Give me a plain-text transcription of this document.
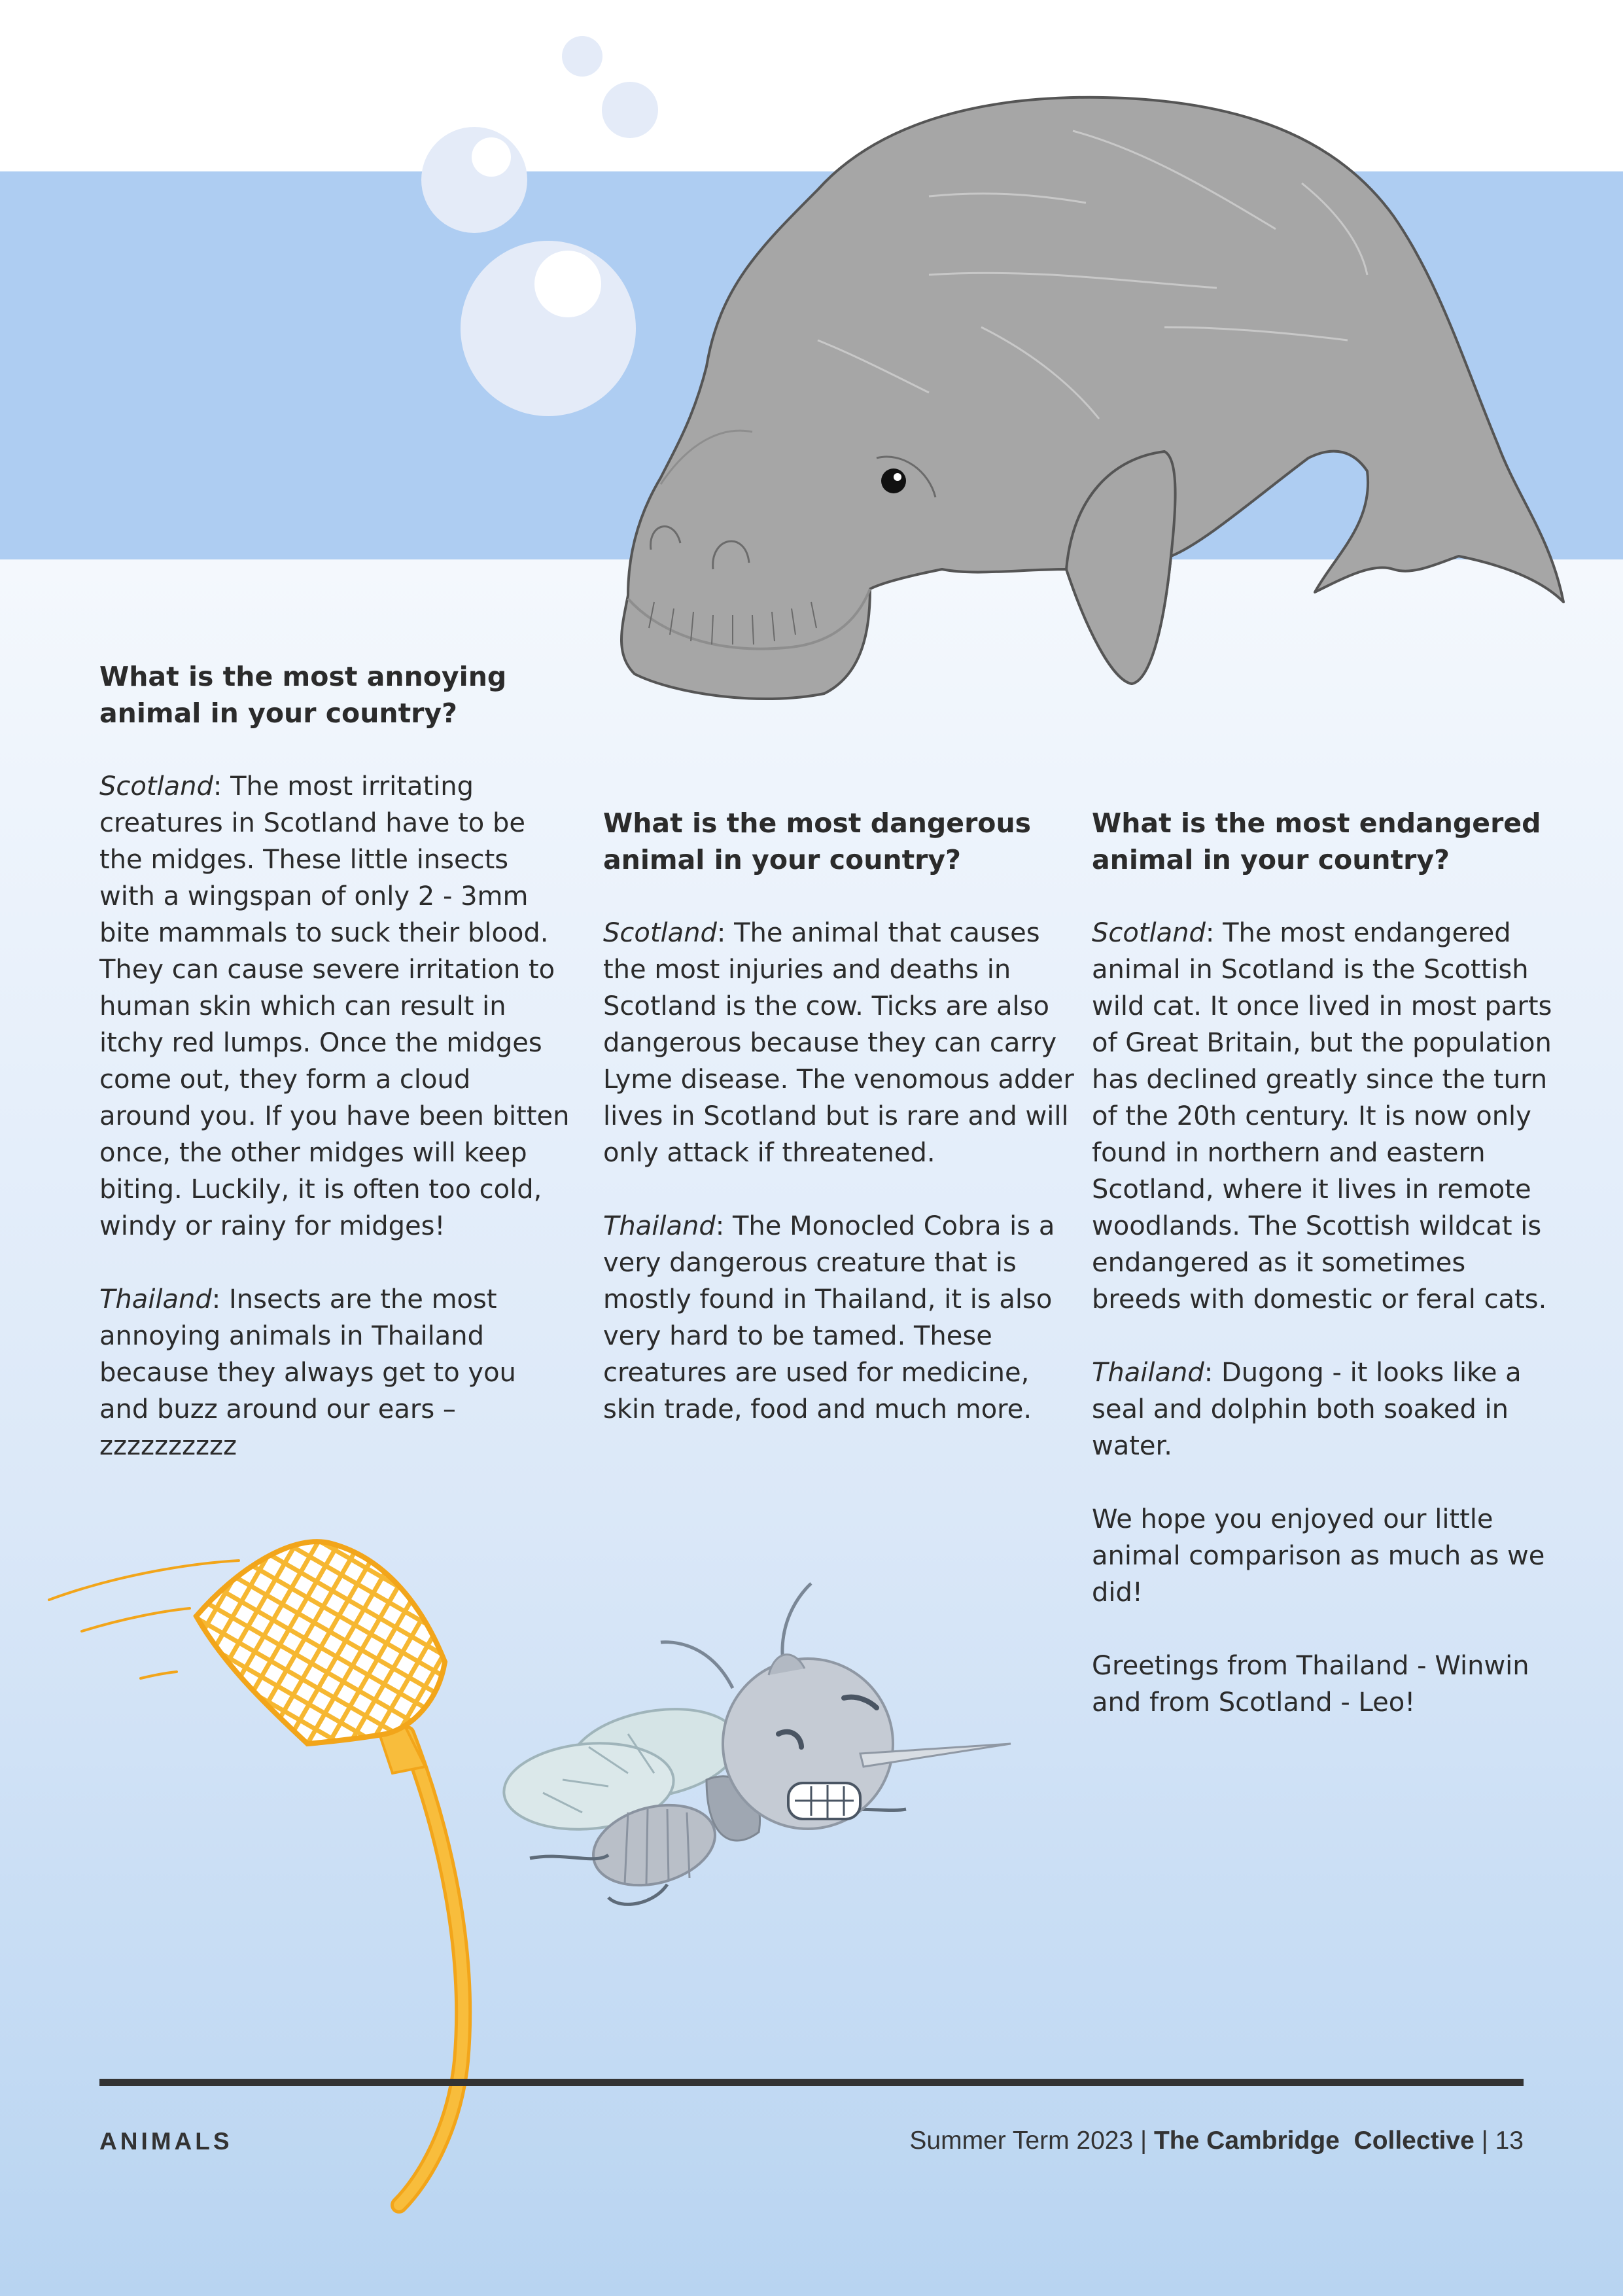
What is the most annoying animal in your country?

Scotland: The most irritating creatures in Scotland have to be the midges. These little insects with a wingspan of only 2 - 3mm bite mammals to suck their blood. They can cause severe irritation to human skin which can result in itchy red lumps. Once the midges come out, they form a cloud around you. If you have been bitten once, the other midges will keep biting. Luckily, it is often too cold, windy or rainy for midges!

Thailand: Insects are the most annoying animals in Thailand because they always get to you and buzz around our ears – zzzzzzzzzz

What is the most dangerous animal in your country?

Scotland: The animal that causes the most injuries and deaths in Scotland is the cow. Ticks are also dangerous because they can carry Lyme disease. The venomous adder lives in Scotland but is rare and will only attack if threatened.

Thailand: The Monocled Cobra is a very dangerous creature that is mostly found in Thailand, it is also very hard to be tamed. These creatures are used for medicine, skin trade, food and much more.

What is the most endangered animal in your country?

Scotland: The most endangered animal in Scotland is the Scottish wild cat. It once lived in most parts of Great Britain, but the population has declined greatly since the turn of the 20th century. It is now only found in northern and eastern Scotland, where it lives in remote woodlands. The Scottish wildcat is endangered as it sometimes breeds with domestic or feral cats.

Thailand: Dugong - it looks like a seal and dolphin both soaked in water.

We hope you enjoyed our little animal comparison as much as we did!

Greetings from Thailand - Winwin and from Scotland - Leo!

ANIMALS	Summer Term 2023 | The Cambridge  Collective | 13
